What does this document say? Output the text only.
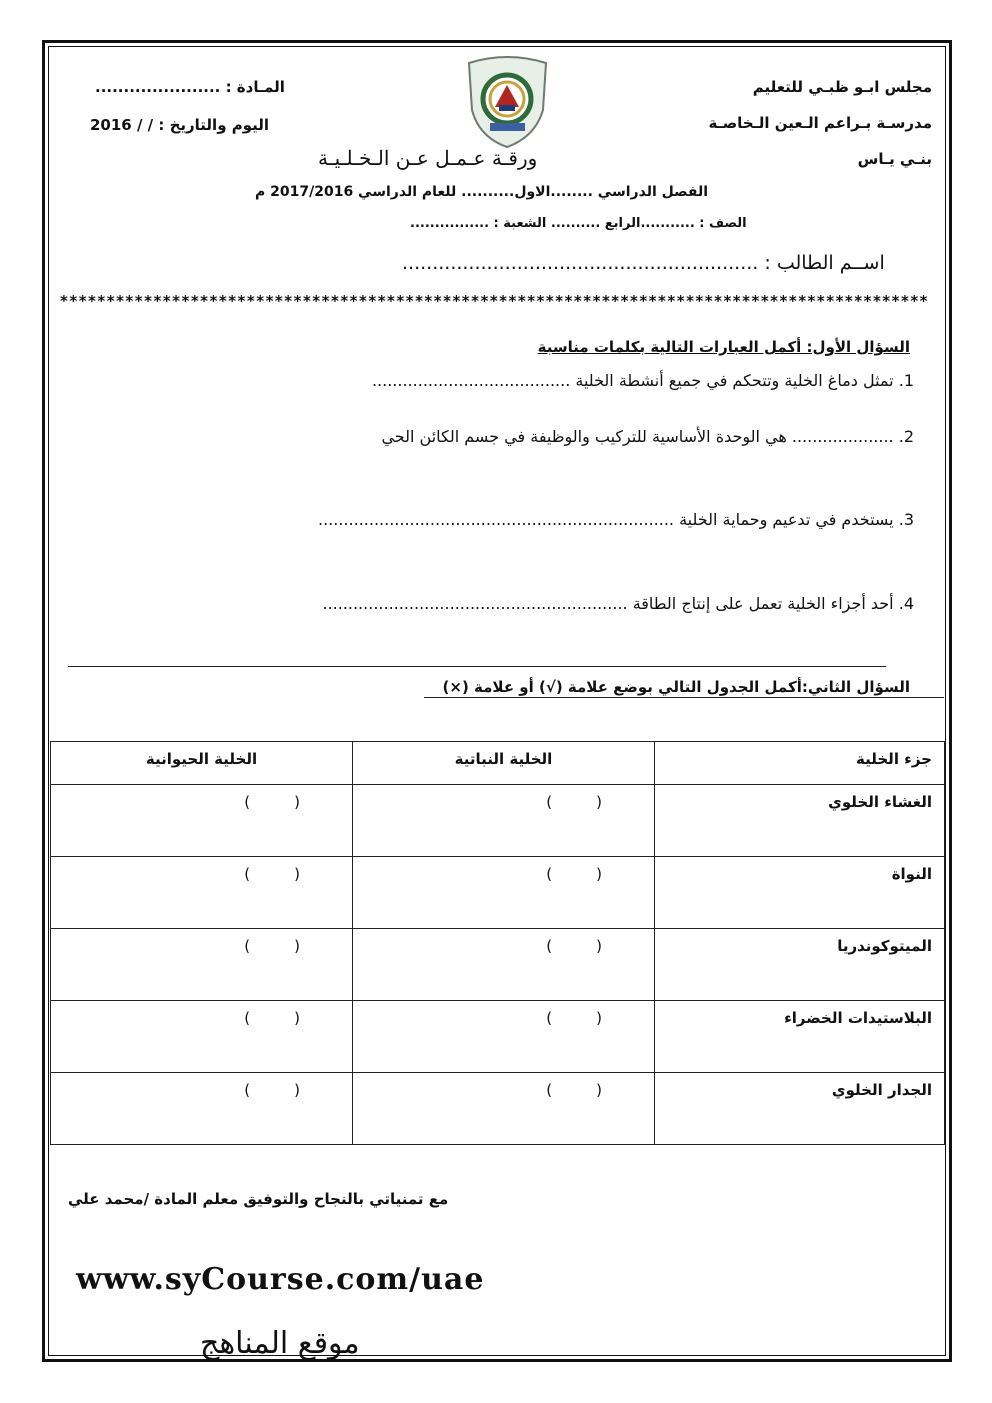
مجلس ابـو ظبـي للتعليم
مدرسـة بـراعم الـعين الـخاصـة
بنـي يـاس
المـادة : ......................
اليوم والتاريخ : / / 2016
ورقـة عـمـل عـن الـخـلـيـة
الفصل الدراسي ........الاول.......... للعام الدراسي 2017/2016 م
الصف : ...........الرابع .......... الشعبة : ................
اســم الطالب : ...........................................................
*********************************************************************************************
السؤال الأول: أكمل العبارات التالية بكلمات مناسبة
1. تمثل دماغ الخلية وتتحكم في جميع أنشطة الخلية .......................................
2. .................... هي الوحدة الأساسية للتركيب والوظيفة في جسم الكائن الحي
3. يستخدم في تدعيم وحماية الخلية ......................................................................
4. أحد أجزاء الخلية تعمل على إنتاج الطاقة ............................................................
السؤال الثاني:أكمل الجدول التالي بوضع علامة (√) أو علامة (×)
جزء الخلية	الخلية النباتية	الخلية الحيوانية
الغشاء الخلوي	( )	( )
النواة	( )	( )
الميتوكوندريا	( )	( )
البلاستيدات الخضراء	( )	( )
الجدار الخلوي	( )	( )
مع تمنياتي بالنجاح والتوفيق معلم المادة /محمد علي
www.syCourse.com/uae
موقع المناهج
